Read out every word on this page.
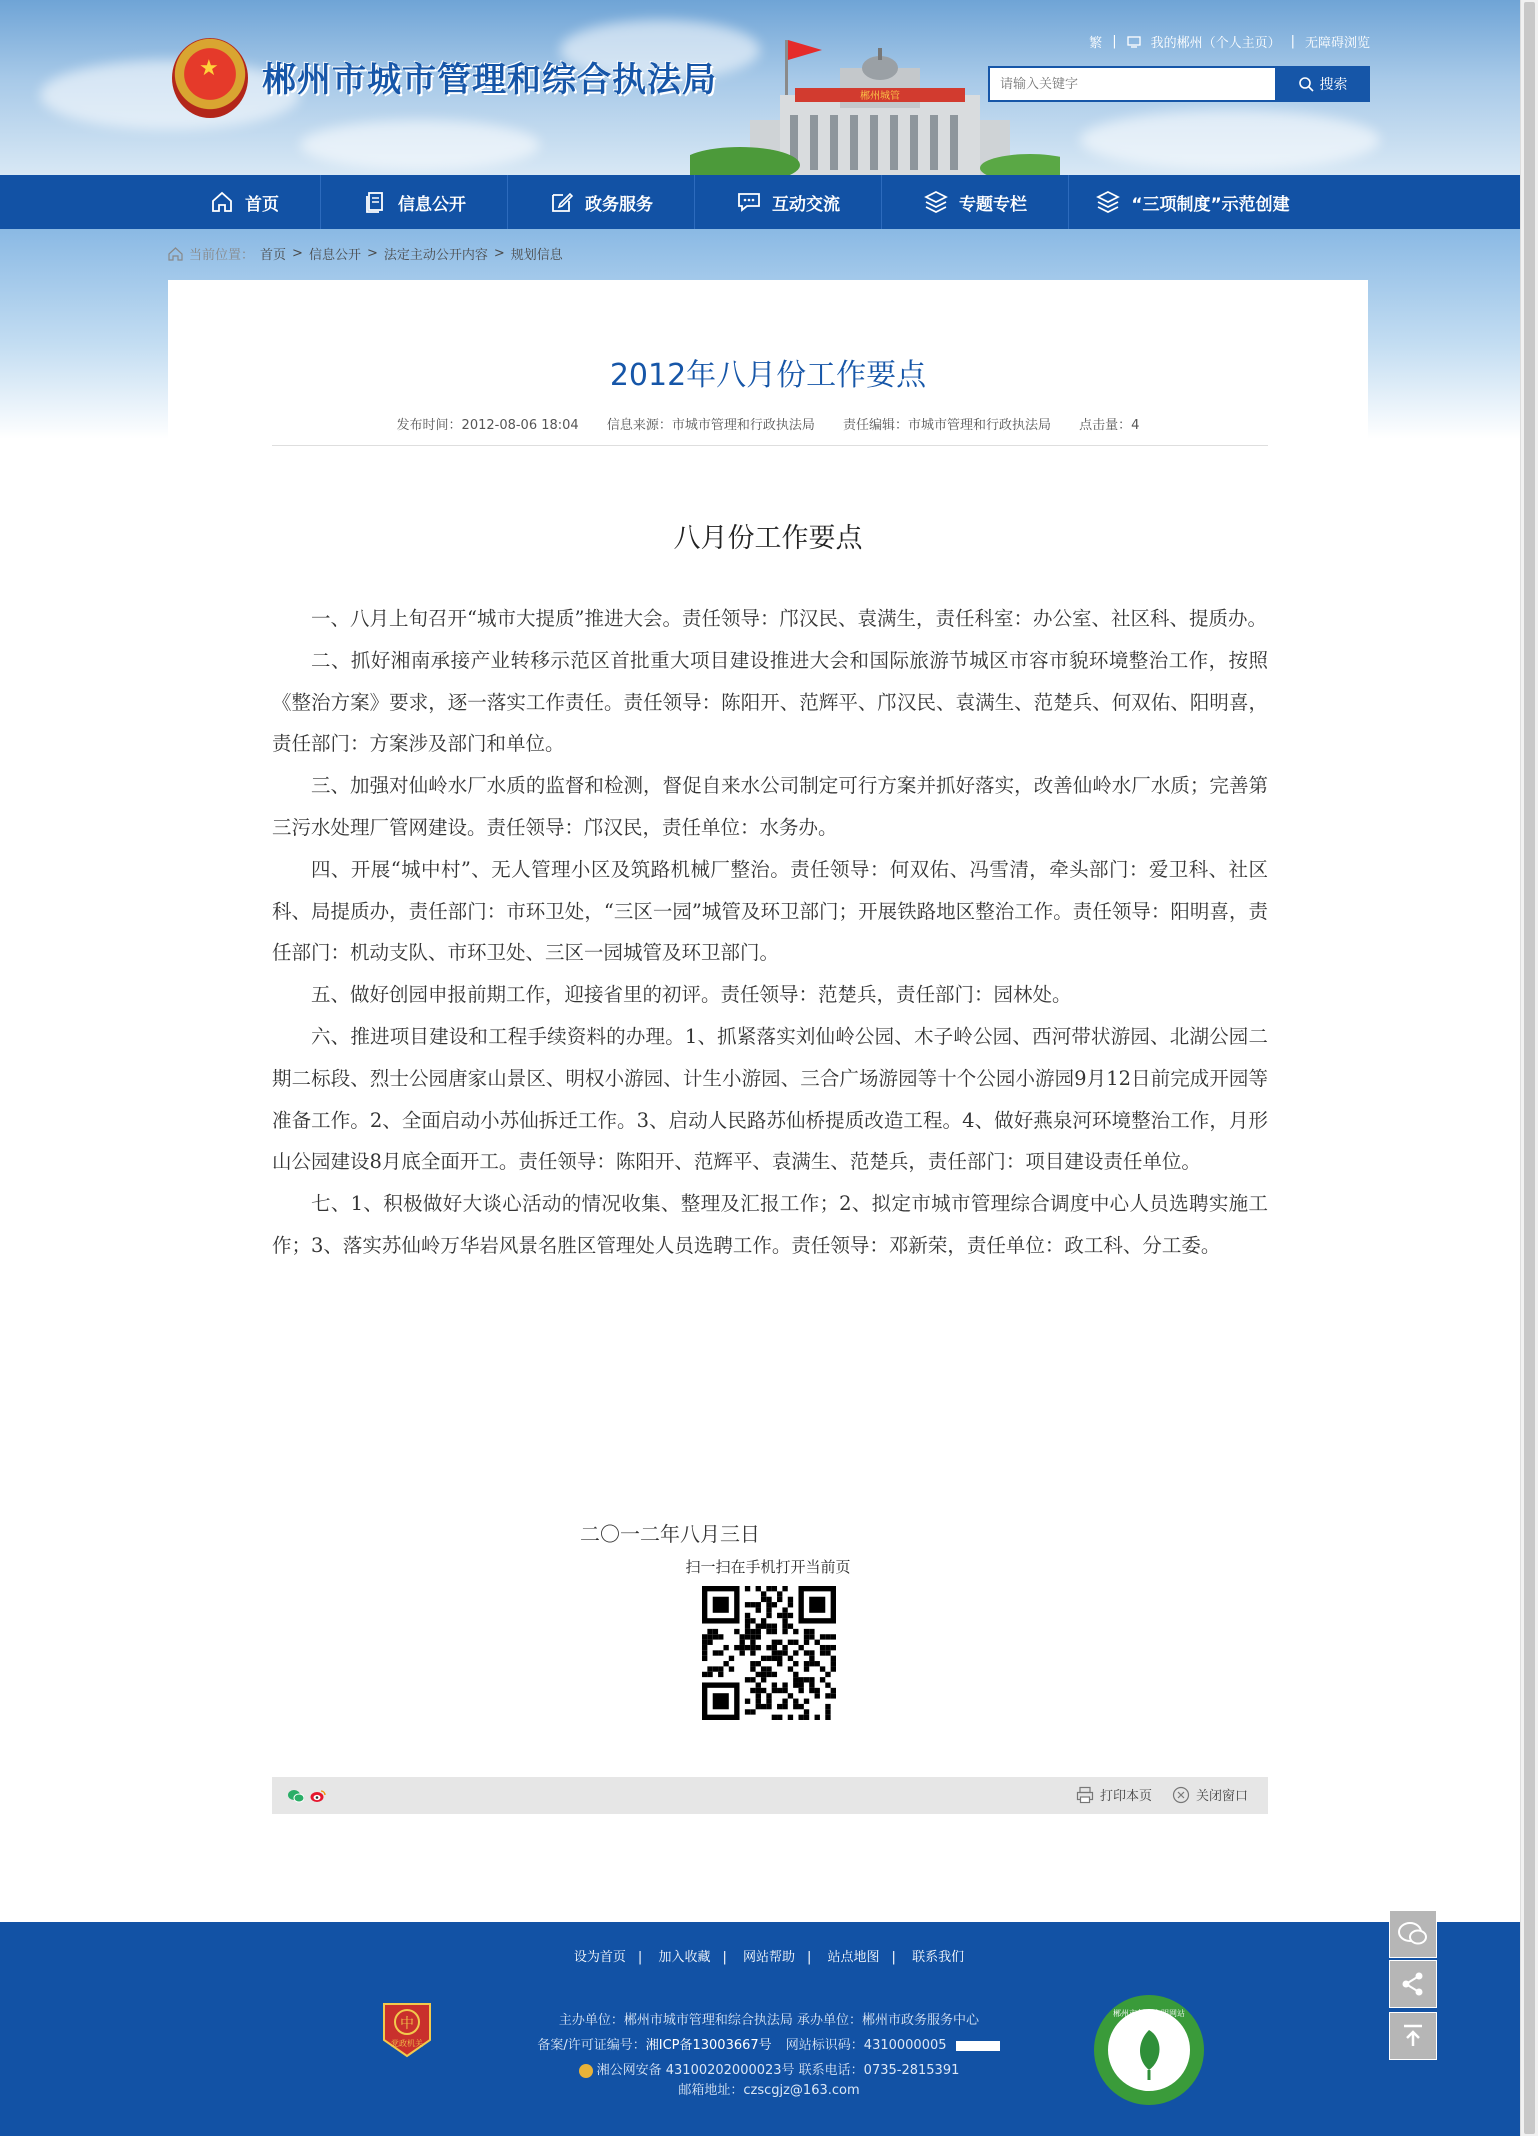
★ 郴州市城市管理和综合执法局	郴州城管
繁 |	我的郴州（个人主页） | 无障碍浏览
请输入关键字
搜索
首页	信息公开	政务服务	互动交流	专题专栏	“三项制度”示范创建
当前位置： 首页 > 信息公开 > 法定主动公开内容 > 规划信息
2012年八月份工作要点
发布时间：2012-08-06 18:04 信息来源：市城市管理和行政执法局 责任编辑：市城市管理和行政执法局 点击量：4
八月份工作要点

一、八月上旬召开“城市大提质”推进大会。责任领导：邝汉民、袁满生，责任科室：办公室、社区科、提质办。

二、抓好湘南承接产业转移示范区首批重大项目建设推进大会和国际旅游节城区市容市貌环境整治工作，按照《整治方案》要求，逐一落实工作责任。责任领导：陈阳开、范辉平、邝汉民、袁满生、范楚兵、何双佑、阳明喜，责任部门：方案涉及部门和单位。

三、加强对仙岭水厂水质的监督和检测，督促自来水公司制定可行方案并抓好落实，改善仙岭水厂水质；完善第三污水处理厂管网建设。责任领导：邝汉民，责任单位：水务办。

四、开展“城中村”、无人管理小区及筑路机械厂整治。责任领导：何双佑、冯雪清，牵头部门：爱卫科、社区科、局提质办，责任部门：市环卫处，“三区一园”城管及环卫部门；开展铁路地区整治工作。责任领导：阳明喜，责任部门：机动支队、市环卫处、三区一园城管及环卫部门。

五、做好创园申报前期工作，迎接省里的初评。责任领导：范楚兵，责任部门：园林处。

六、推进项目建设和工程手续资料的办理。1、抓紧落实刘仙岭公园、木子岭公园、西河带状游园、北湖公园二期二标段、烈士公园唐家山景区、明权小游园、计生小游园、三合广场游园等十个公园小游园9月12日前完成开园等准备工作。2、全面启动小苏仙拆迁工作。3、启动人民路苏仙桥提质改造工程。4、做好燕泉河环境整治工作，月形山公园建设8月底全面开工。责任领导：陈阳开、范辉平、袁满生、范楚兵，责任部门：项目建设责任单位。

七、1、积极做好大谈心活动的情况收集、整理及汇报工作；2、拟定市城市管理综合调度中心人员选聘实施工作；3、落实苏仙岭万华岩风景名胜区管理处人员选聘工作。责任领导：邓新荣，责任单位：政工科、分工委。

二〇一二年八月三日
扫一扫在手机打开当前页
打印本页	关闭窗口
设为首页 | 加入收藏 | 网站帮助 | 站点地图 | 联系我们
中
党政机关
主办单位：郴州市城市管理和综合执法局 承办单位：郴州市政务服务中心
备案/许可证编号：湘ICP备13003667号 网站标识码：4310000005
湘公网安备 43100202000023号 联系电话：0735-2815391
邮箱地址：czscgjz@163.com
郴州市创建文明网站
